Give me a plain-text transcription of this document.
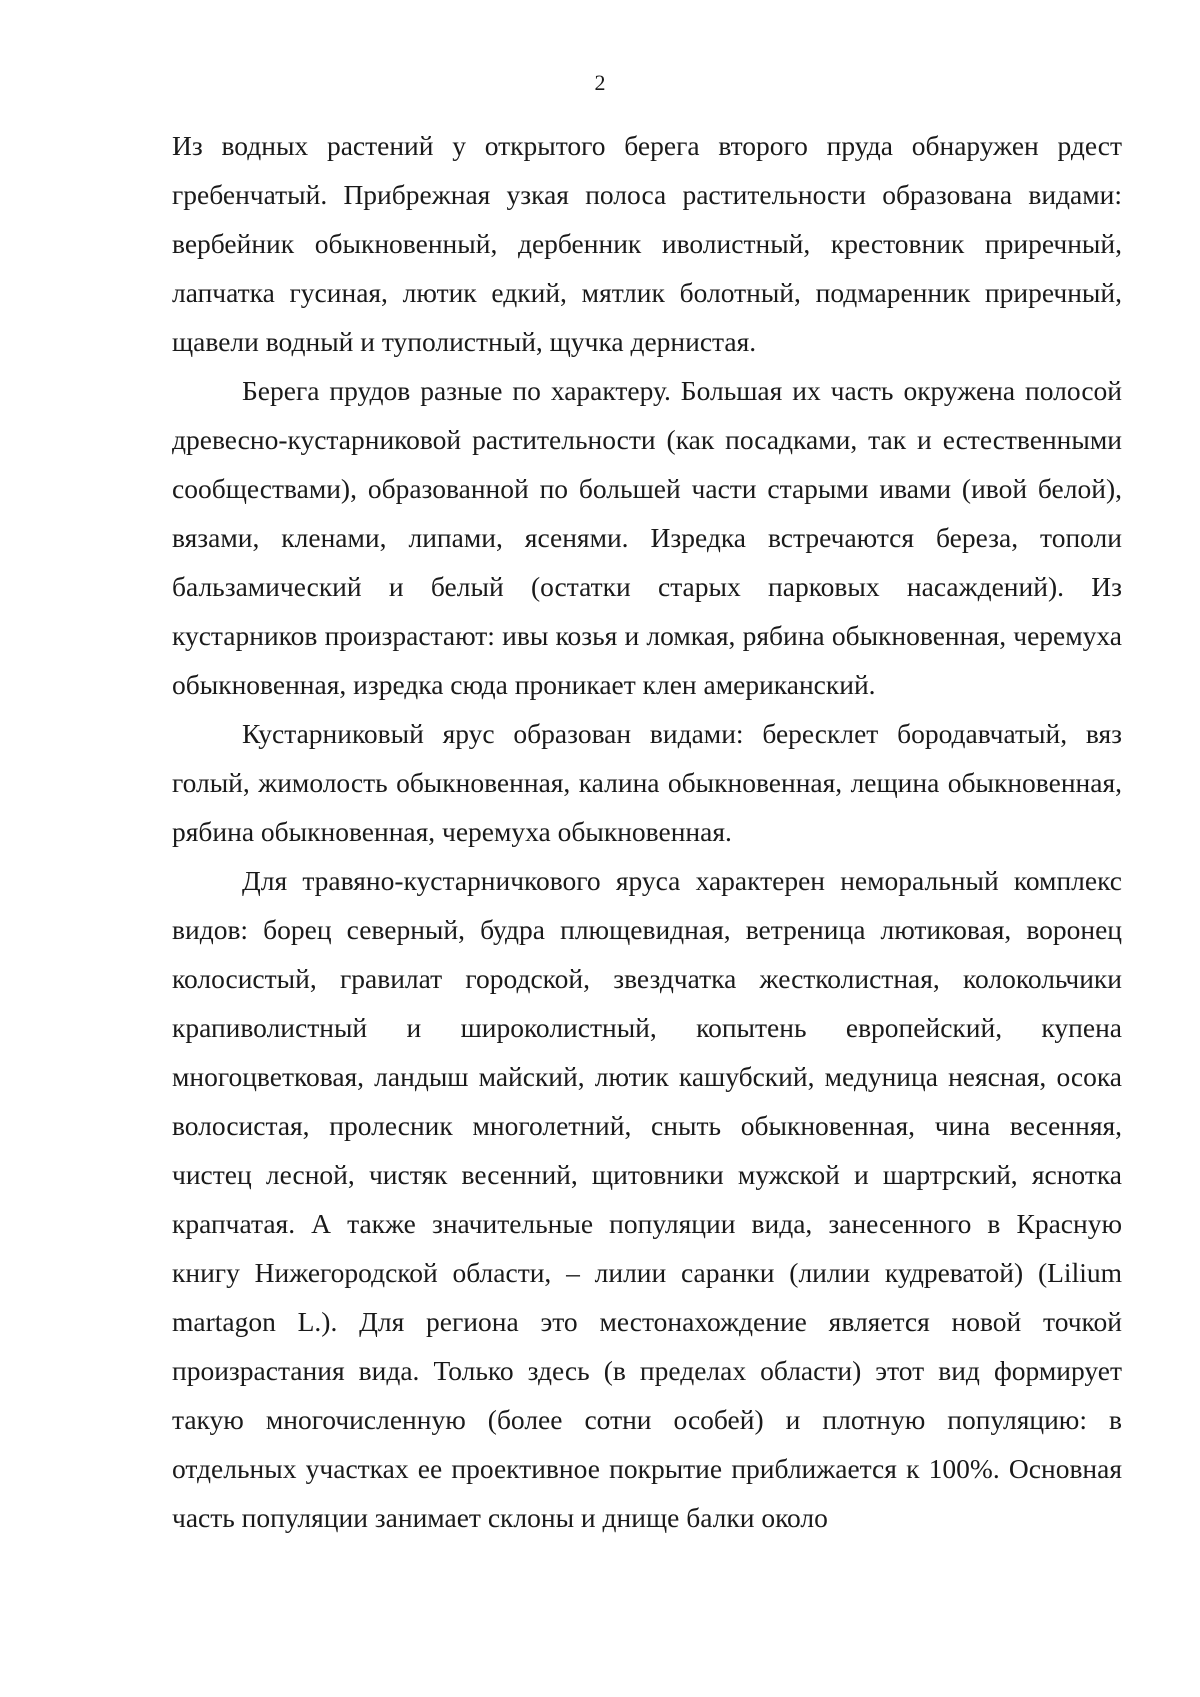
2

Из водных растений у открытого берега второго пруда обнаружен рдест гребенчатый. Прибрежная узкая полоса растительности образована видами: вербейник обыкновенный, дербенник иволистный, крестовник приречный, лапчатка гусиная, лютик едкий, мятлик болотный, подмаренник приречный, щавели водный и туполистный, щучка дернистая.

Берега прудов разные по характеру. Большая их часть окружена полосой древесно-кустарниковой растительности (как посадками, так и естественными сообществами), образованной по большей части старыми ивами (ивой белой), вязами, кленами, липами, ясенями. Изредка встречаются береза, тополи бальзамический и белый (остатки старых парковых насаждений). Из кустарников произрастают: ивы козья и ломкая, рябина обыкновенная, черемуха обыкновенная, изредка сюда проникает клен американский.

Кустарниковый ярус образован видами: бересклет бородавчатый, вяз голый, жимолость обыкновенная, калина обыкновенная, лещина обыкновенная, рябина обыкновенная, черемуха обыкновенная.

Для травяно-кустарничкового яруса характерен неморальный комплекс видов: борец северный, будра плющевидная, ветреница лютиковая, воронец колосистый, гравилат городской, звездчатка жестколистная, колокольчики крапиволистный и широколистный, копытень европейский, купена многоцветковая, ландыш майский, лютик кашубский, медуница неясная, осока волосистая, пролесник многолетний, сныть обыкновенная, чина весенняя, чистец лесной, чистяк весенний, щитовники мужской и шартрский, яснотка крапчатая. А также значительные популяции вида, занесенного в Красную книгу Нижегородской области, – лилии саранки (лилии кудреватой) (Lilium martagon L.). Для региона это местонахождение является новой точкой произрастания вида. Только здесь (в пределах области) этот вид формирует такую многочисленную (более сотни особей) и плотную популяцию: в отдельных участках ее проективное покрытие приближается к 100%. Основная часть популяции занимает склоны и днище балки около
